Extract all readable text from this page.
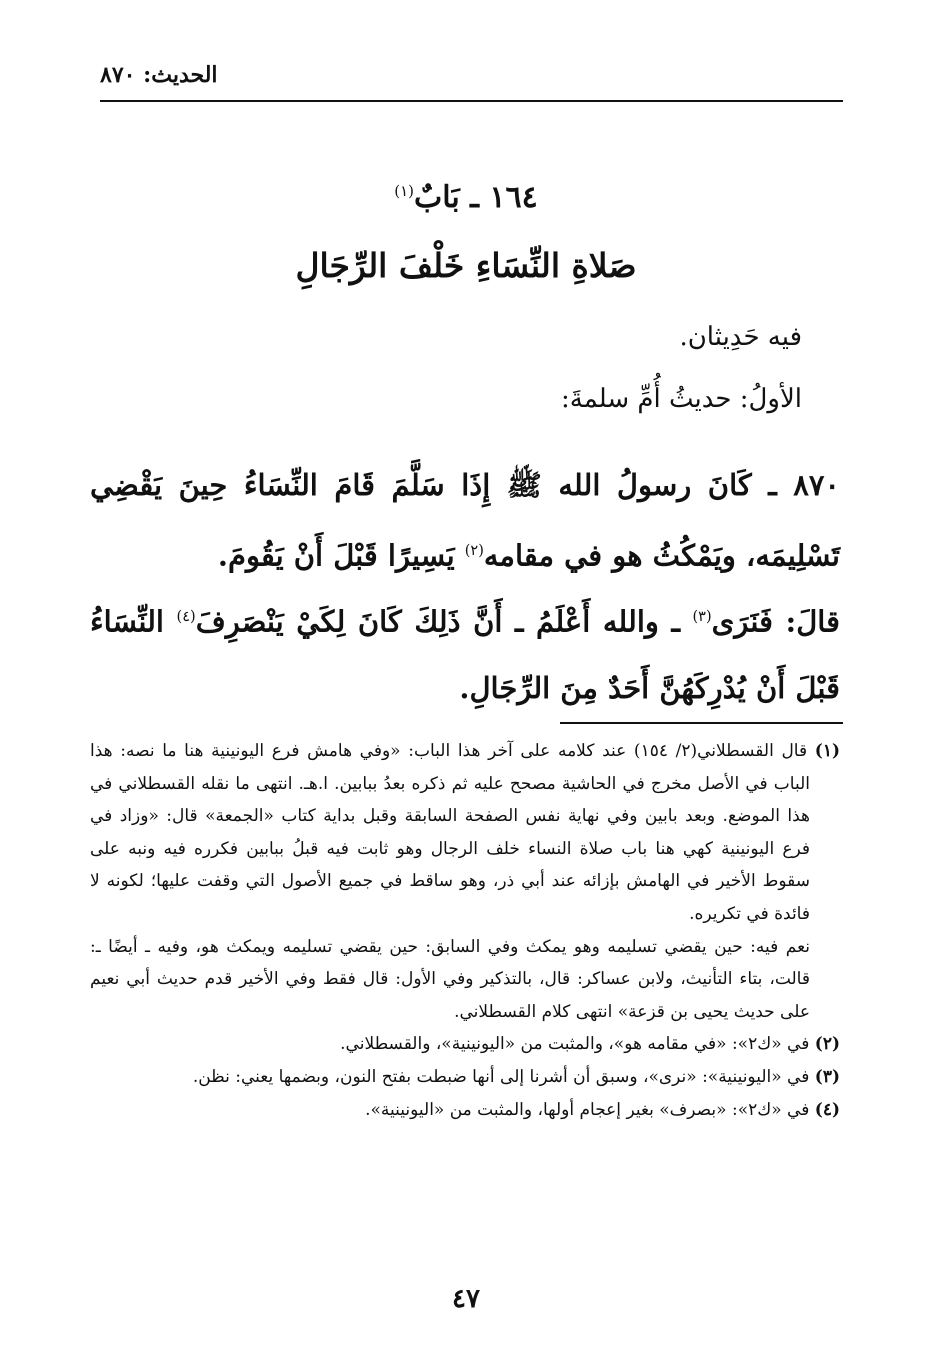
الحديث: ٨٧٠
١٦٤ ـ بَابٌ$^{(١)}$
صَلاةِ النِّسَاءِ خَلْفَ الرِّجَالِ
فيه حَدِيثان.
الأولُ: حديثُ أُمِّ سلمةَ:
٨٧٠ ـ كَانَ رسولُ الله ﷺ إِذَا سَلَّمَ قَامَ النِّسَاءُ حِينَ يَقْضِي تَسْلِيمَه، ويَمْكُثُ هو في مقامه$^{(٢)}$ يَسِيرًا قَبْلَ أَنْ يَقُومَ.
قالَ: فَنَرَى$^{(٣)}$ ـ والله أَعْلَمُ ـ أَنَّ ذَلِكَ كَانَ لِكَيْ يَنْصَرِفَ$^{(٤)}$ النِّسَاءُ قَبْلَ أَنْ يُدْرِكَهُنَّ أَحَدٌ مِنَ الرِّجَالِ.

(١) قال القسطلاني(٢/ ١٥٤) عند كلامه على آخر هذا الباب: «وفي هامش فرع اليونينية هنا ما نصه: هذا الباب في الأصل مخرج في الحاشية مصحح عليه ثم ذكره بعدُ ببابين. ا.هـ. انتهى ما نقله القسطلاني في هذا الموضع. وبعد بابين وفي نهاية نفس الصفحة السابقة وقبل بداية كتاب «الجمعة» قال: «وزاد في فرع اليونينية كهي هنا باب صلاة النساء خلف الرجال وهو ثابت فيه قبلُ ببابين فكرره فيه ونبه على سقوط الأخير في الهامش بإزائه عند أبي ذر، وهو ساقط في جميع الأصول التي وقفت عليها؛ لكونه لا فائدة في تكريره.

نعم فيه: حين يقضي تسليمه وهو يمكث وفي السابق: حين يقضي تسليمه ويمكث هو، وفيه ـ أيضًا ـ: قالت، بتاء التأنيث، ولابن عساكر: قال، بالتذكير وفي الأول: قال فقط وفي الأخير قدم حديث أبي نعيم على حديث يحيى بن قزعة» انتهى كلام القسطلاني.

(٢) في «ك٢»: «في مقامه هو»، والمثبت من «اليونينية»، والقسطلاني.

(٣) في «اليونينية»: «نرى»، وسبق أن أشرنا إلى أنها ضبطت بفتح النون، وبضمها يعني: نظن.

(٤) في «ك٢»: «بصرف» بغير إعجام أولها، والمثبت من «اليونينية».

٤٧
